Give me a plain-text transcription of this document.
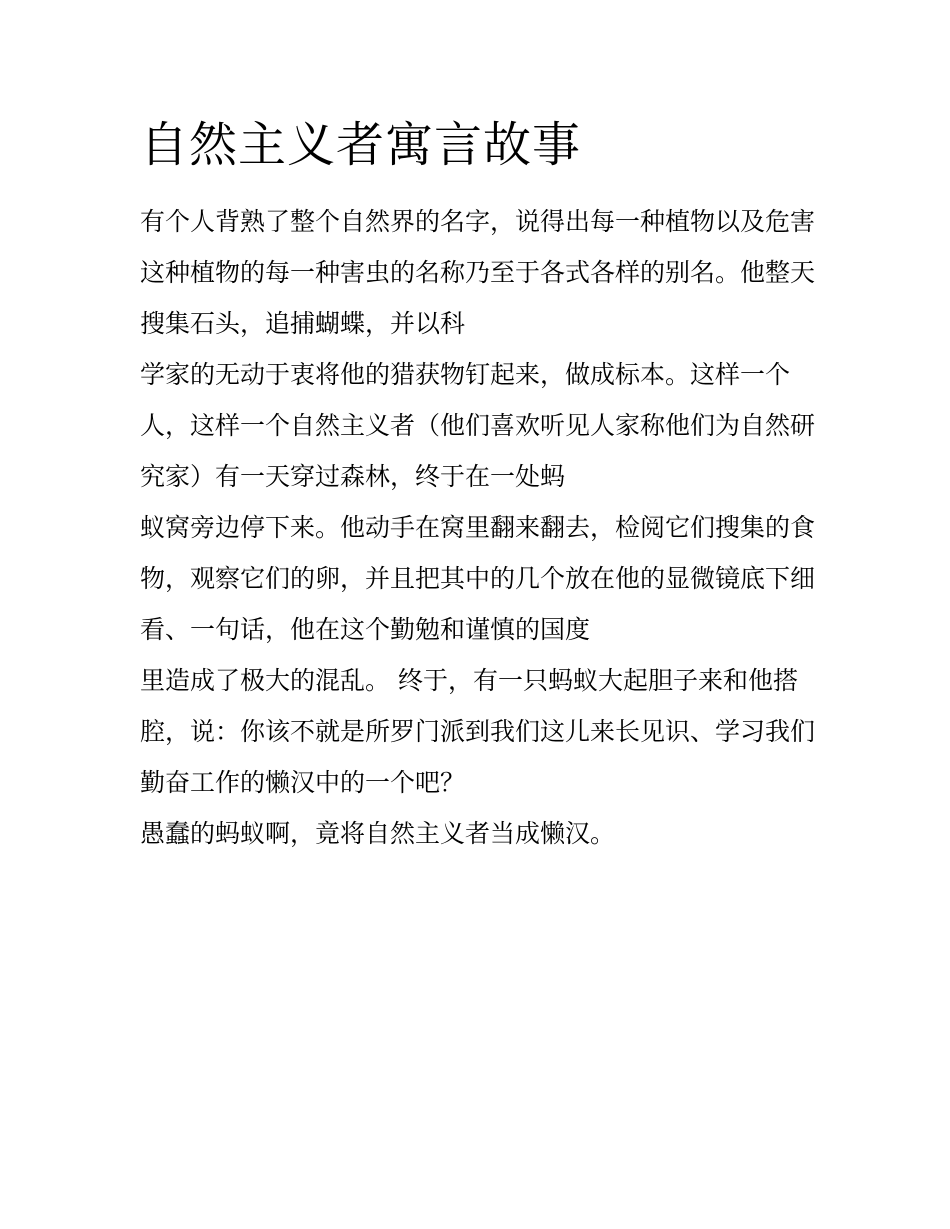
自然主义者寓言故事
有个人背熟了整个自然界的名字，说得出每一种植物以及危害
这种植物的每一种害虫的名称乃至于各式各样的别名。他整天
搜集石头，追捕蝴蝶，并以科
学家的无动于衷将他的猎获物钉起来，做成标本。这样一个
人，这样一个自然主义者（他们喜欢听见人家称他们为自然研
究家）有一天穿过森林，终于在一处蚂
蚁窝旁边停下来。他动手在窝里翻来翻去，检阅它们搜集的食
物，观察它们的卵，并且把其中的几个放在他的显微镜底下细
看、一句话，他在这个勤勉和谨慎的国度
里造成了极大的混乱。 终于，有一只蚂蚁大起胆子来和他搭
腔，说：你该不就是所罗门派到我们这儿来长见识、学习我们
勤奋工作的懒汉中的一个吧？
愚蠢的蚂蚁啊，竟将自然主义者当成懒汉。
